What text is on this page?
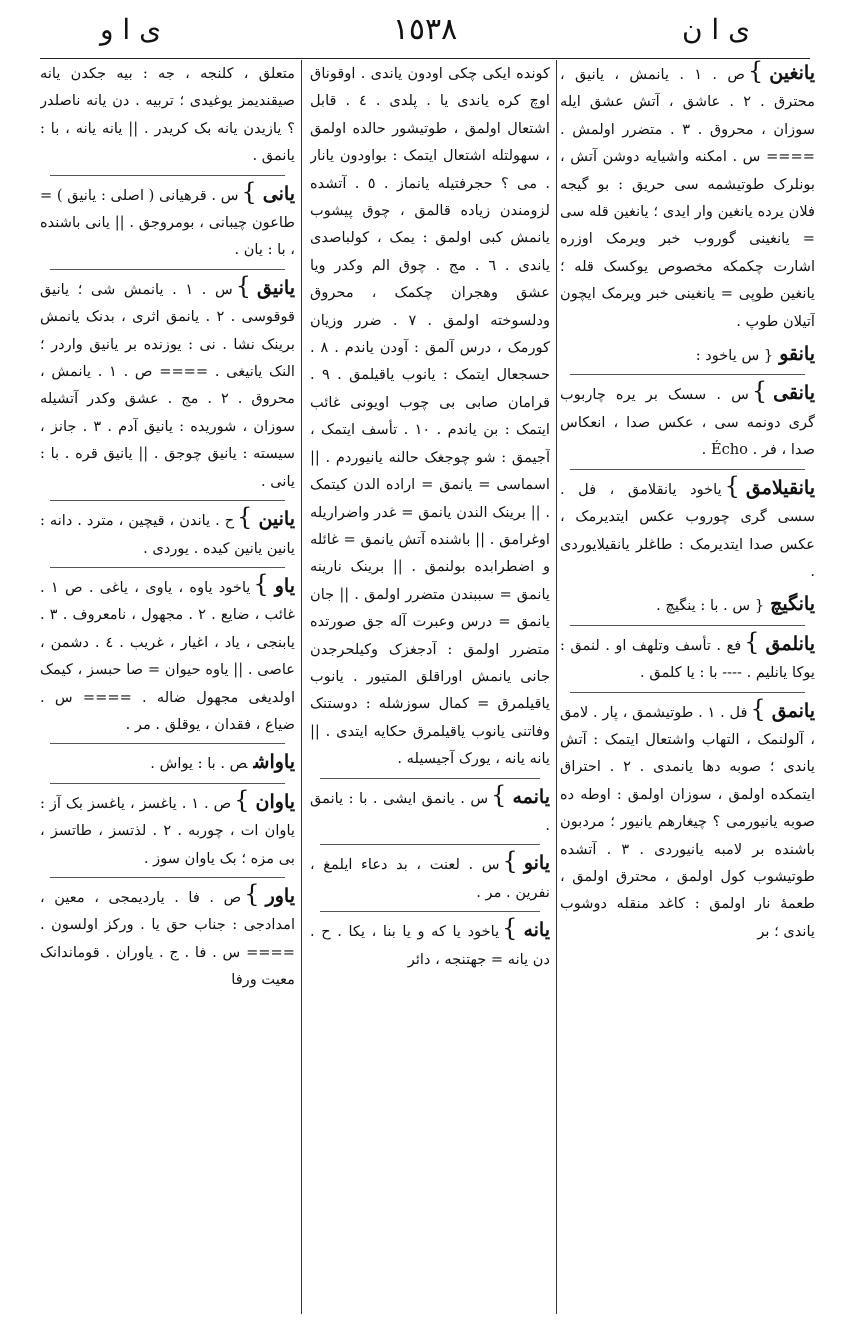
ی ا ن
١٥٣٨
ی ا و

یانغین}ص . ١ . یانمش ، یانیق ، محترق . ٢ . عاشق ، آتش عشق ایله سوزان ، محروق . ٣ . متضرر اولمش . ==== س . امکنه واشیایه دوشن آتش ، بونلرک طوتیشمه سی حریق : بو گیجه فلان یرده یانغین وار ایدی ؛ یانغین قله سی = یانغینی گوروب خبر ویرمک اوزره اشارت چکمکه مخصوص یوکسک قله ؛ یانغین طوپی = یانغینی خبر ویرمک ایچون آتیلان طوپ .

یانقو{ س یاخود :

یانقی}س . سسک بر یره چاربوب گری دونمه سی ، عکس صدا ، انعکاس صدا ، فر . Écho .

یانقیلامق}یاخود یانقلامق ، فل . سسی گری چوروب عکس ایتدیرمک ، عکس صدا ایتدیرمک : طاغلر یانقیلایوردی .

یانگیچ{ س . با : ینگیچ .

یانلمق}فع . تأسف وتلهف او . لنمق : یوکا یانلیم . ---- با : یا کلمق .

یانمق}فل . ١ . طوتیشمق ، پار . لامق ، آلولنمک ، التهاب واشتعال ایتمک : آتش یاندی ؛ صوبه دها یانمدی . ٢ . احتراق ایتمکده اولمق ، سوزان اولمق : اوطه ده صوبه یانیورمی ؟ چیغارهم یانیور ؛ مردبون باشنده بر لامبه یانیوردی . ٣ . آتشده طوتیشوب کول اولمق ، محترق اولمق ، طعمهٔ نار اولمق : کاغد منقله دوشوب یاندی ؛ بر

کونده ایکی چکی اودون یاندی . اوقوناق اوچ کره یاندی یا . پلدی . ٤ . قابل اشتعال اولمق ، طوتیشور حالده اولمق ، سهولتله اشتعال ایتمک : بواودون یانار . می ؟ حجرفتیله یانماز . ٥ . آتشده لزومندن زیاده قالمق ، چوق پیشوب یانمش کبی اولمق : یمک ، کولباصدی یاندی . ٦ . مج . چوق الم وکدر ویا عشق وهجران چکمک ، محروق ودلسوخته اولمق . ٧ . ضرر وزیان کورمک ، درس آلمق : آودن یاندم . ٨ . حسجعال ایتمک : یانوب یاقیلمق . ٩ . قرامان صابی بی چوب اویونی غائب ایتمک : بن یاندم . ١٠ . تأسف ایتمک ، آجیمق : شو چوجغک حالنه یانیوردم . || اسماسی = یانمق = اراده الدن کیتمک . || برینک الندن یانمق = غدر واضراریله اوغرامق . || باشنده آتش یانمق = غائله و اضطرابده بولنمق . || برینک نارینه یانمق = سببندن متضرر اولمق . || جان یانمق = درس وعبرت آله جق صورتده متضرر اولمق : آدجغزک وکیلحرجدن جانی یانمش اوراقلق المتیور . یانوب یاقیلمرق = کمال سوزشله : دوستنک وفاتنی یانوب یاقیلمرق حکایه ایتدی . || یانه یانه ، یورک آجیسیله .

یانمه}س . یانمق ایشی . با : یانمق .

یانو}س . لعنت ، بد دعاء ایلمغ ، نفرین . مر .

یانه}یاخود یا که و یا بنا ، یکا . ح . دن یانه = جهتنجه ، دائر

متعلق ، کلنجه ، جه : بیه جکدن یانه صیقندیمز یوغیدی ؛ تربیه . دن یانه ناصلدر ؟ یازیدن یانه بک کریدر . || یانه یانه ، با : یانمق .

یانی}س . قرهیانی ( اصلی : یانیق ) = طاعون چیبانی ، بومروجق . || یانی باشنده ، با : یان .

یانیق}س . ١ . یانمش شی ؛ یانیق قوقوسی . ٢ . یانمق اثری ، بدنک یانمش برینک نشا . نی : یوزنده بر یانیق واردر ؛ النک یانیغی . ==== ص . ١ . یانمش ، محروق . ٢ . مج . عشق وکدر آتشیله سوزان ، شوریده : یانیق آدم . ٣ . جانز ، سیسته : یانیق چوجق . || یانیق قره . با : یانی .

یانین}ح . یاندن ، قیچین ، مترد . دانه : یانین یانین کیده . یوردی .

یاو}یاخود یاوه ، یاوی ، یاغی . ص ١ . غائب ، ضایع . ٢ . مجهول ، نامعروف . ٣ . یابنجی ، یاد ، اغیار ، غریب . ٤ . دشمن ، عاصی . || یاوه حیوان = صا حبسز ، کیمک اولدیغی مجهول ضاله . ==== س . ضیاع ، فقدان ، یوقلق . مر .

یاواشص . با : یواش .

یاوان}ص . ١ . یاغسز ، یاغسز بک آز : یاوان ات ، چوربه . ٢ . لذتسز ، طاتسز ، بی مزه ؛ بک یاوان سوز .

یاور}ص . فا . یاردیمجی ، معین ، امدادجی : جناب حق یا . ورکز اولسون . ==== س . فا . ج . یاوران . قوماندانک معیت ورفا
